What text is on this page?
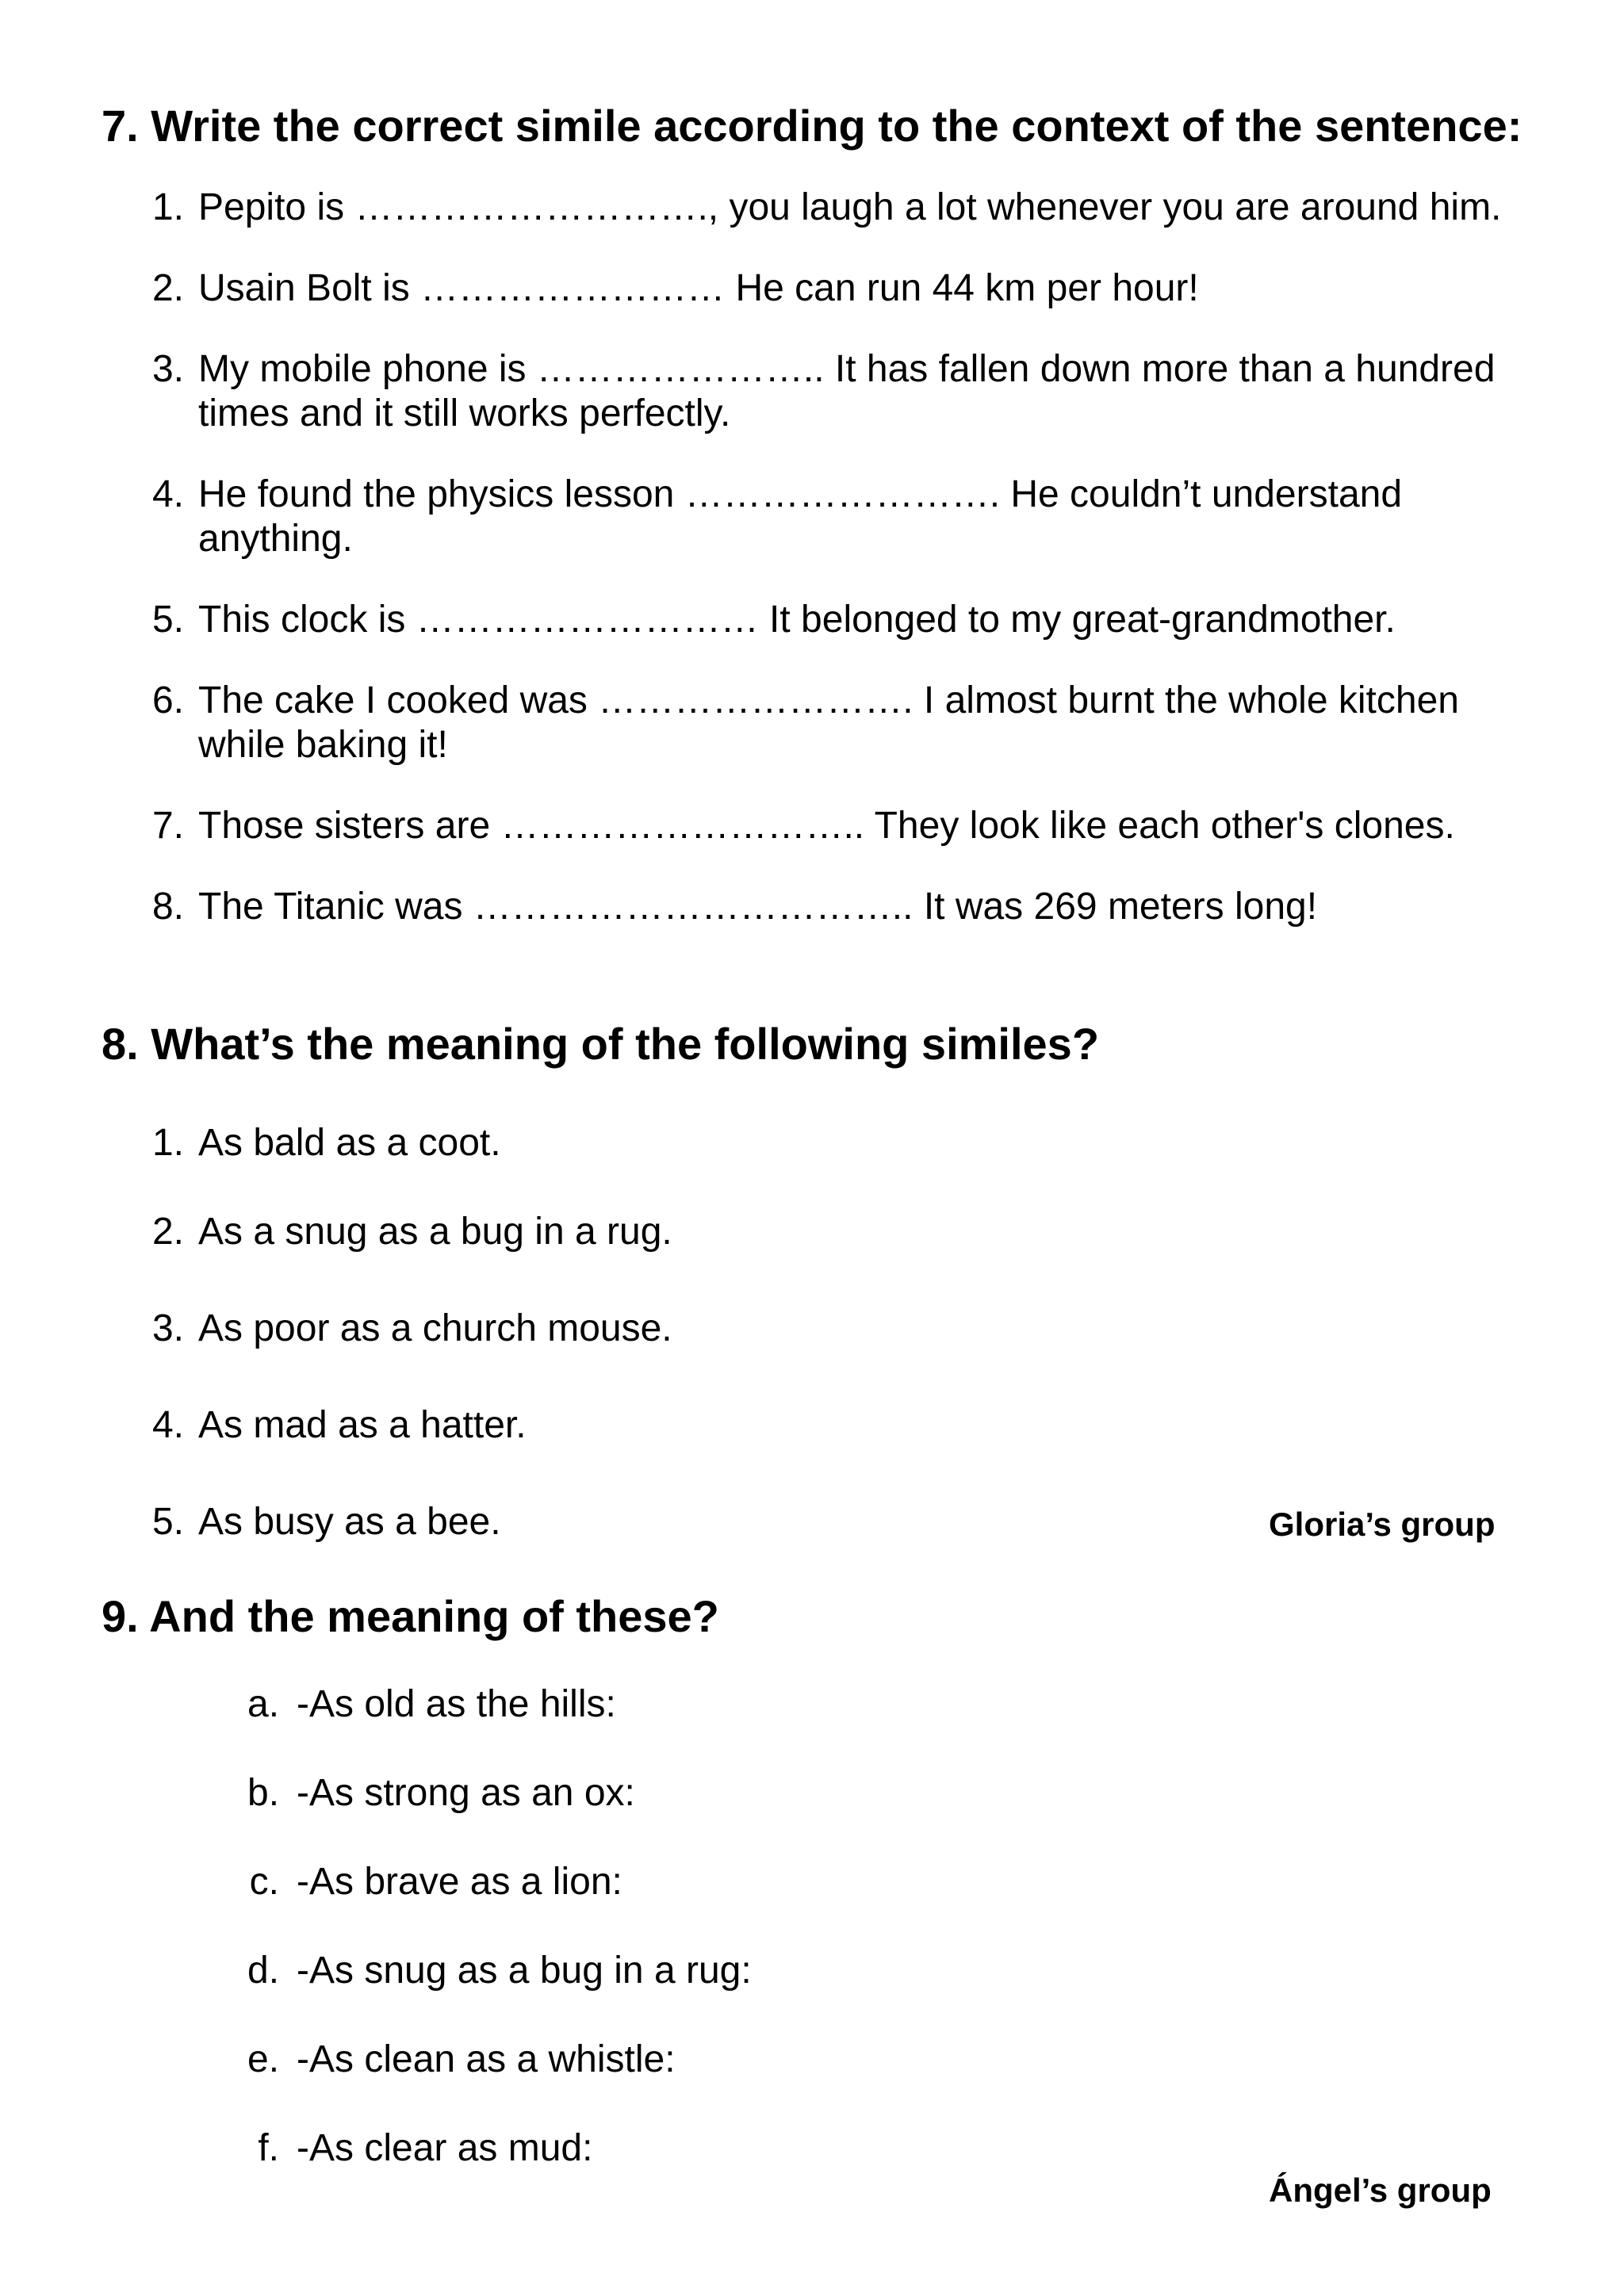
7. Write the correct simile according to the context of the sentence:
1. Pepito is ………………………., you laugh a lot whenever you are around him.
2. Usain Bolt is …………………… He can run 44 km per hour!
3. My mobile phone is ………………….. It has fallen down more than a hundred times and it still works perfectly.
4. He found the physics lesson ……………………. He couldn’t understand anything.
5. This clock is ……………………… It belonged to my great-grandmother.
6. The cake I cooked was ……………………. I almost burnt the whole kitchen while baking it!
7. Those sisters are ……………………….. They look like each other's clones.
8. The Titanic was …………………………….. It was 269 meters long!
8. What’s the meaning of the following similes?
1. As bald as a coot.
2. As a snug as a bug in a rug.
3. As poor as a church mouse.
4. As mad as a hatter.
5. As busy as a bee.	Gloria’s group
9. And the meaning of these?
a. -As old as the hills:
b. -As strong as an ox:
c. -As brave as a lion:
d. -As snug as a bug in a rug:
e. -As clean as a whistle:
f. -As clear as mud:
Ángel’s group
